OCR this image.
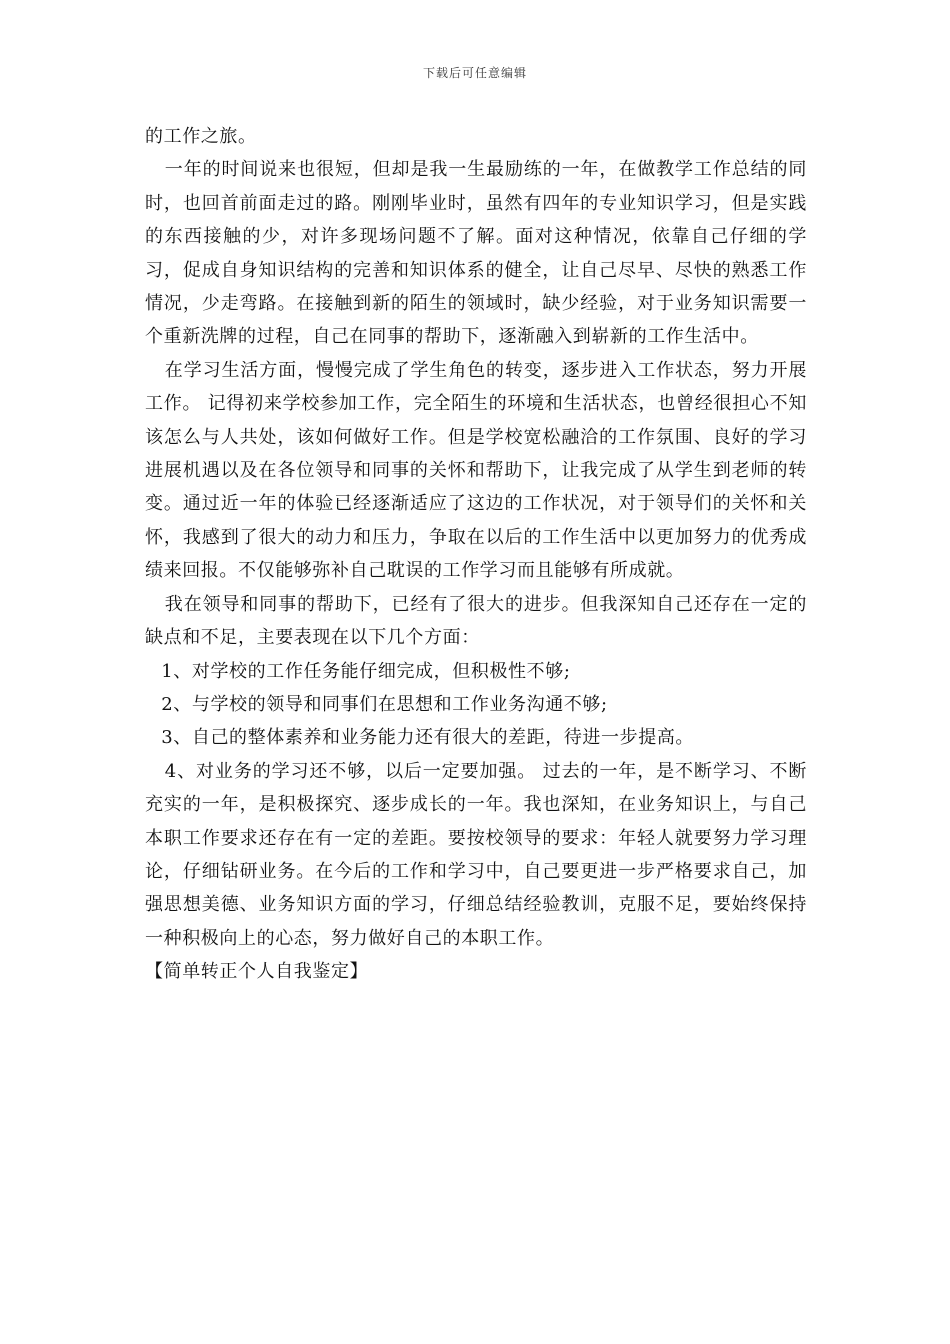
下载后可任意编辑

的工作之旅。

一年的时间说来也很短，但却是我一生最励练的一年，在做教学工作总结的同时，也回首前面走过的路。刚刚毕业时，虽然有四年的专业知识学习，但是实践的东西接触的少，对许多现场问题不了解。面对这种情况，依靠自己仔细的学习，促成自身知识结构的完善和知识体系的健全，让自己尽早、尽快的熟悉工作情况，少走弯路。在接触到新的陌生的领域时，缺少经验，对于业务知识需要一个重新洗牌的过程，自己在同事的帮助下，逐渐融入到崭新的工作生活中。

在学习生活方面，慢慢完成了学生角色的转变，逐步进入工作状态，努力开展工作。 记得初来学校参加工作，完全陌生的环境和生活状态，也曾经很担心不知该怎么与人共处，该如何做好工作。但是学校宽松融洽的工作氛围、良好的学习进展机遇以及在各位领导和同事的关怀和帮助下，让我完成了从学生到老师的转变。通过近一年的体验已经逐渐适应了这边的工作状况，对于领导们的关怀和关怀，我感到了很大的动力和压力，争取在以后的工作生活中以更加努力的优秀成绩来回报。不仅能够弥补自己耽误的工作学习而且能够有所成就。

我在领导和同事的帮助下，已经有了很大的进步。但我深知自己还存在一定的缺点和不足，主要表现在以下几个方面：

1、对学校的工作任务能仔细完成，但积极性不够;

2、与学校的领导和同事们在思想和工作业务沟通不够;

3、自己的整体素养和业务能力还有很大的差距，待进一步提高。

4、对业务的学习还不够，以后一定要加强。 过去的一年，是不断学习、不断充实的一年，是积极探究、逐步成长的一年。我也深知，在业务知识上，与自己本职工作要求还存在有一定的差距。要按校领导的要求：年轻人就要努力学习理论，仔细钻研业务。在今后的工作和学习中，自己要更进一步严格要求自己，加强思想美德、业务知识方面的学习，仔细总结经验教训，克服不足，要始终保持一种积极向上的心态，努力做好自己的本职工作。

【简单转正个人自我鉴定】
